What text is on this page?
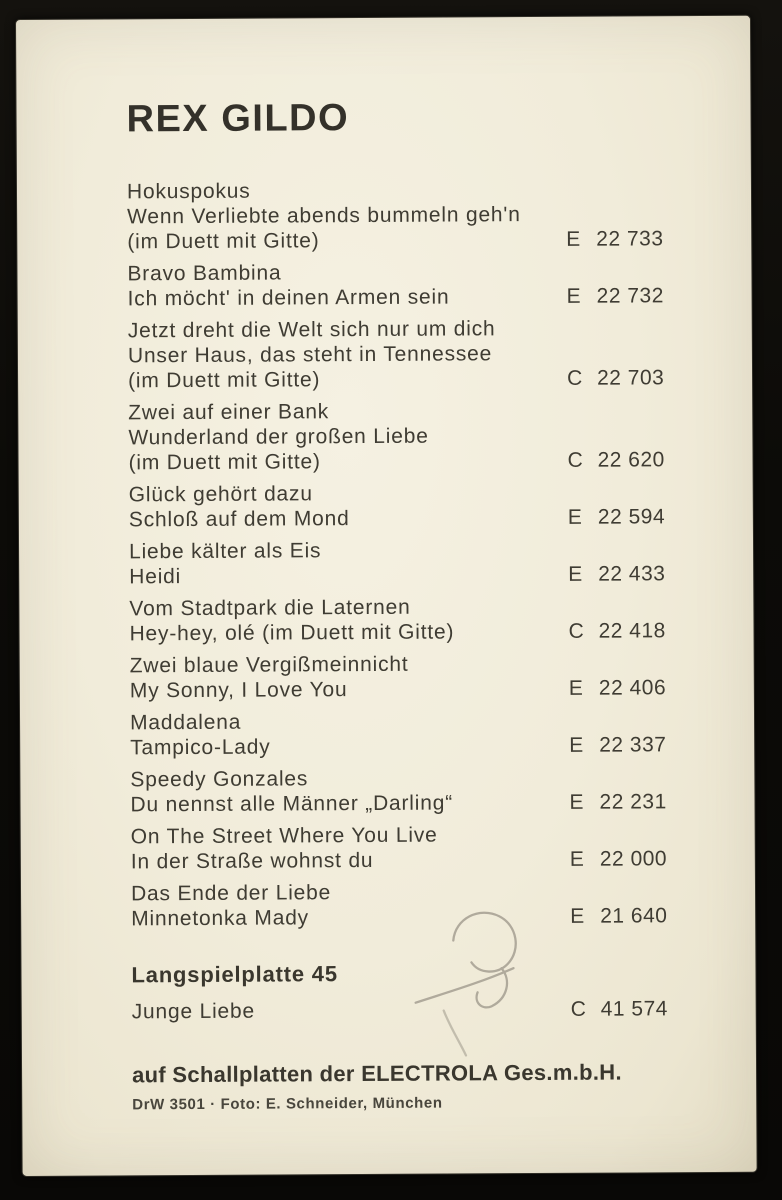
REX GILDO
Hokuspokus
Wenn Verliebte abends bummeln geh'n
(im Duett mit Gitte)	E 22 733
Bravo Bambina
Ich möcht' in deinen Armen sein	E 22 732
Jetzt dreht die Welt sich nur um dich
Unser Haus, das steht in Tennessee
(im Duett mit Gitte)	C 22 703
Zwei auf einer Bank
Wunderland der großen Liebe
(im Duett mit Gitte)	C 22 620
Glück gehört dazu
Schloß auf dem Mond	E 22 594
Liebe kälter als Eis
Heidi	E 22 433
Vom Stadtpark die Laternen
Hey-hey, olé (im Duett mit Gitte)	C 22 418
Zwei blaue Vergißmeinnicht
My Sonny, I Love You	E 22 406
Maddalena
Tampico-Lady	E 22 337
Speedy Gonzales
Du nennst alle Männer „Darling“	E 22 231
On The Street Where You Live
In der Straße wohnst du	E 22 000
Das Ende der Liebe
Minnetonka Mady	E 21 640
Langspielplatte 45
Junge Liebe	C 41 574
auf Schallplatten der ELECTROLA Ges.m.b.H.
DrW 3501 · Foto: E. Schneider, München
